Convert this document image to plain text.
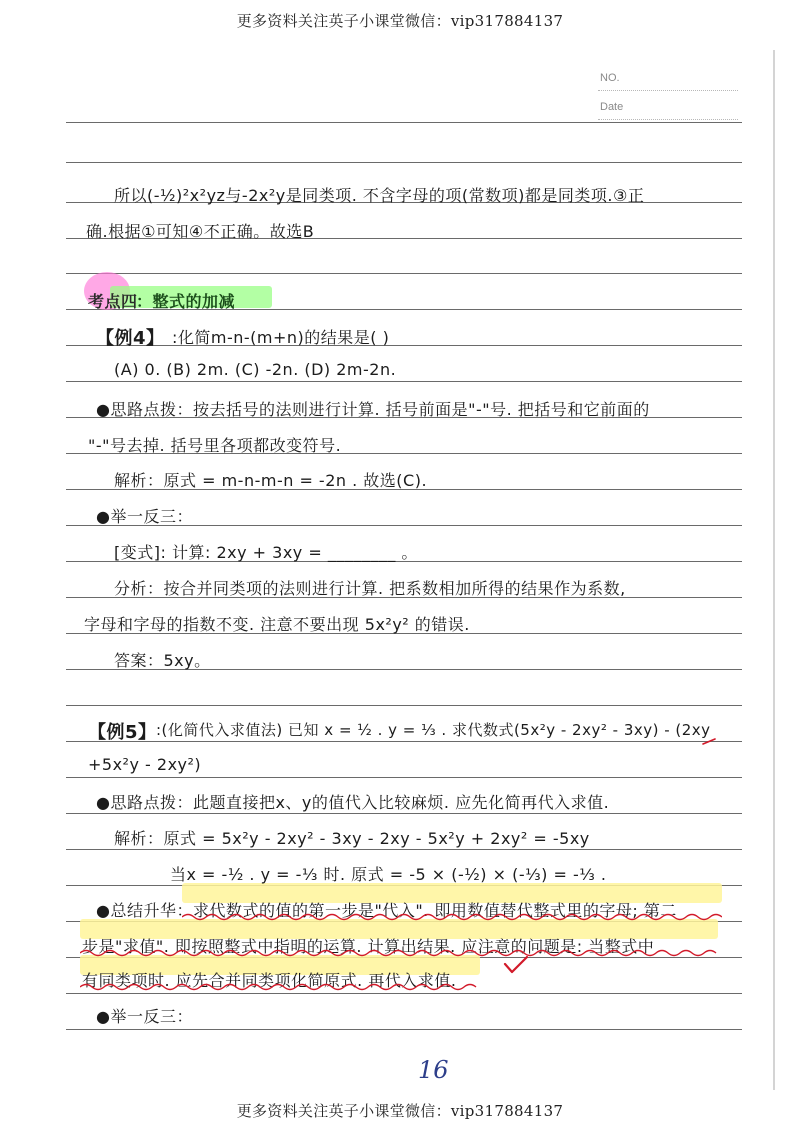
更多资料关注英子小课堂微信：vip317884137
NO.
Date
所以(-½)²x²yz与-2x²y是同类项. 不含字母的项(常数项)都是同类项.③正
确.根据①可知④不正确。故选B
考点四
：整式的加减
【例4】 :化简m-n-(m+n)的结果是( )
(A) 0. (B) 2m. (C) -2n. (D) 2m-2n.
●思路点拨：按去括号的法则进行计算. 括号前面是"-"号. 把括号和它前面的
"-"号去掉. 括号里各项都改变符号.
解析：原式 = m-n-m-n = -2n . 故选(C).
●举一反三：
[变式]: 计算: 2xy + 3xy = ________ 。
分析：按合并同类项的法则进行计算. 把系数相加所得的结果作为系数,
字母和字母的指数不变. 注意不要出现 5x²y² 的错误.
答案：5xy。
【例5】 :(化简代入求值法) 已知 x = ½ . y = ⅓ . 求代数式(5x²y - 2xy² - 3xy) - (2xy
+5x²y - 2xy²)
●思路点拨：此题直接把x、y的值代入比较麻烦. 应先化简再代入求值.
解析：原式 = 5x²y - 2xy² - 3xy - 2xy - 5x²y + 2xy² = -5xy
当x = -½ . y = -⅓ 时. 原式 = -5 × (-½) × (-⅓) = -⅓ .
●总结升华：求代数式的值的第一步是"代入". 即用数值替代整式里的字母; 第二
步是"求值". 即按照整式中指明的运算. 计算出结果. 应注意的问题是: 当整式中
有同类项时. 应先合并同类项化简原式. 再代入求值.
●举一反三：
16
更多资料关注英子小课堂微信：vip317884137
